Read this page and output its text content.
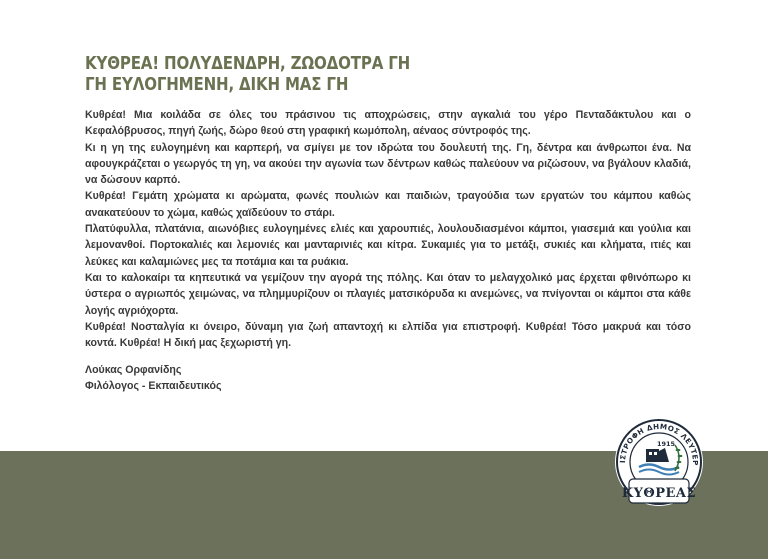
ΚΥΘΡΕΑ! ΠΟΛΥΔΕΝΔΡΗ, ΖΩΟΔΟΤΡΑ ΓΗ
ΓΗ ΕΥΛΟΓΗΜΕΝΗ, ΔΙΚΗ ΜΑΣ ΓΗ

Κυθρέα! Μια κοιλάδα σε όλες του πράσινου τις αποχρώσεις, στην αγκαλιά του γέρο Πενταδάκτυλου και ο Κεφαλόβρυσος, πηγή ζωής, δώρο θεού στη γραφική κωμόπολη, αέναος σύντροφός της.

Κι η γη της ευλογημένη και καρπερή, να σμίγει με τον ιδρώτα του δουλευτή της. Γη, δέντρα και άνθρωποι ένα. Να αφουγκράζεται ο γεωργός τη γη, να ακούει την αγωνία των δέντρων καθώς παλεύουν να ριζώσουν, να βγάλουν κλαδιά, να δώσουν καρπό.

Κυθρέα! Γεμάτη χρώματα κι αρώματα, φωνές πουλιών και παιδιών, τραγούδια των εργατών του κάμπου καθώς ανακατεύουν το χώμα, καθώς χαϊδεύουν το στάρι.

Πλατύφυλλα, πλατάνια, αιωνόβιες ευλογημένες ελιές και χαρουπιές, λουλουδιασμένοι κάμποι, γιασεμιά και γούλια και λεμονανθοί. Πορτοκαλιές και λεμονιές και μανταρινιές και κίτρα. Συκαμιές για το μετάξι, συκιές και κλήματα, ιτιές και λεύκες και καλαμιώνες μες τα ποτάμια και τα ρυάκια.

Και το καλοκαίρι τα κηπευτικά να γεμίζουν την αγορά της πόλης. Και όταν το μελαγχολικό μας έρχεται φθινόπωρο κι ύστερα ο αγριωπός χειμώνας, να πλημμυρίζουν οι πλαγιές ματσικόρυδα κι ανεμώνες, να πνίγονται οι κάμποι στα κάθε λογής αγριόχορτα.

Κυθρέα! Νοσταλγία κι όνειρο, δύναμη για ζωή απαντοχή κι ελπίδα για επιστροφή. Κυθρέα! Τόσο μακρυά και τόσο κοντά. Κυθρέα! Η δική μας ξεχωριστή γη.

Λούκας Ορφανίδης
Φιλόλογος - Εκπαιδευτικός
ΙΣΤΡΟΦΗ ΔΗΜΟΣ ΛΕΥΤΕΡ
1915
ΚΥΘΡΕΑΣ
